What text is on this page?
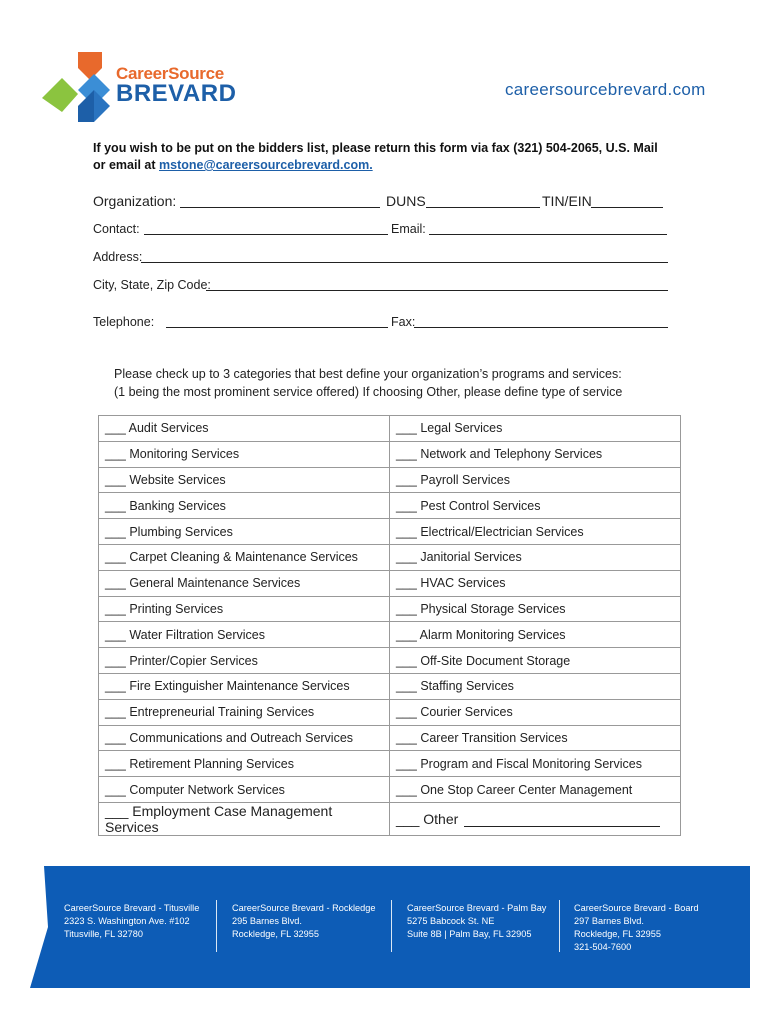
CareerSource
BREVARD	careersourcebrevard.com
If you wish to be put on the bidders list, please return this form via fax (321) 504-2065, U.S. Mail or email at mstone@careersourcebrevard.com.
Organization:	DUNS	TIN/EIN
Contact:	Email:
Address:
City, State, Zip Code:
Telephone:	Fax:
Please check up to 3 categories that best define your organization’s programs and services:
(1 being the most prominent service offered) If choosing Other, please define type of service
___ Audit Services	___ Legal Services
___ Monitoring Services	___ Network and Telephony Services
___ Website Services	___ Payroll Services
___ Banking Services	___ Pest Control Services
___ Plumbing Services	___ Electrical/Electrician Services
___ Carpet Cleaning & Maintenance Services	___ Janitorial Services
___ General Maintenance Services	___ HVAC Services
___ Printing Services	___ Physical Storage Services
___ Water Filtration Services	___ Alarm Monitoring Services
___ Printer/Copier Services	___ Off-Site Document Storage
___ Fire Extinguisher Maintenance Services	___ Staffing Services
___ Entrepreneurial Training Services	___ Courier Services
___ Communications and Outreach Services	___ Career Transition Services
___ Retirement Planning Services	___ Program and Fiscal Monitoring Services
___ Computer Network Services	___ One Stop Career Center Management
___ Employment Case Management Services	___ Other
CareerSource Brevard - Titusville
2323 S. Washington Ave. #102
Titusville, FL 32780
CareerSource Brevard - Rockledge
295 Barnes Blvd.
Rockledge, FL 32955
CareerSource Brevard - Palm Bay
5275 Babcock St. NE
Suite 8B | Palm Bay, FL 32905
CareerSource Brevard - Board
297 Barnes Blvd.
Rockledge, FL 32955
321-504-7600
